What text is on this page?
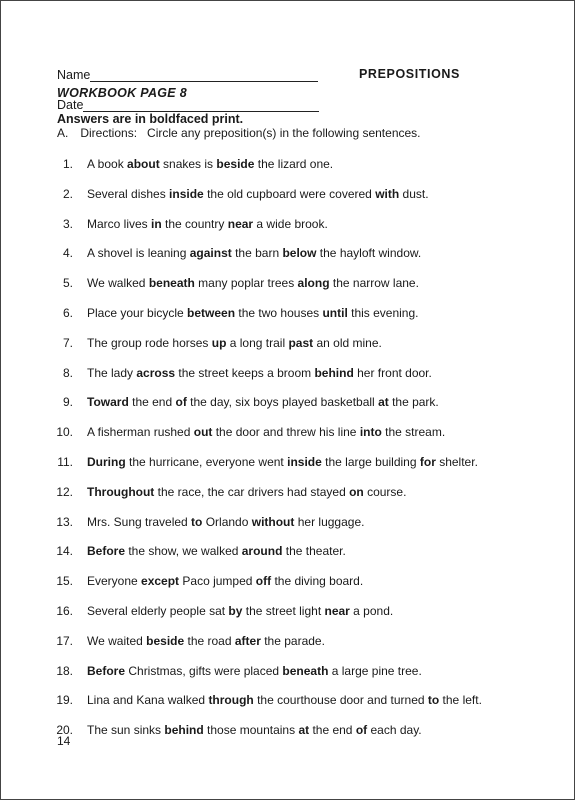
Name	PREPOSITIONS
WORKBOOK PAGE 8
Date
Answers are in boldfaced print.
A. Directions: Circle any preposition(s) in the following sentences.
1. A book about snakes is beside the lizard one.
2. Several dishes inside the old cupboard were covered with dust.
3. Marco lives in the country near a wide brook.
4. A shovel is leaning against the barn below the hayloft window.
5. We walked beneath many poplar trees along the narrow lane.
6. Place your bicycle between the two houses until this evening.
7. The group rode horses up a long trail past an old mine.
8. The lady across the street keeps a broom behind her front door.
9. Toward the end of the day, six boys played basketball at the park.
10. A fisherman rushed out the door and threw his line into the stream.
11. During the hurricane, everyone went inside the large building for shelter.
12. Throughout the race, the car drivers had stayed on course.
13. Mrs. Sung traveled to Orlando without her luggage.
14. Before the show, we walked around the theater.
15. Everyone except Paco jumped off the diving board.
16. Several elderly people sat by the street light near a pond.
17. We waited beside the road after the parade.
18. Before Christmas, gifts were placed beneath a large pine tree.
19. Lina and Kana walked through the courthouse door and turned to the left.
20. The sun sinks behind those mountains at the end of each day.
14
